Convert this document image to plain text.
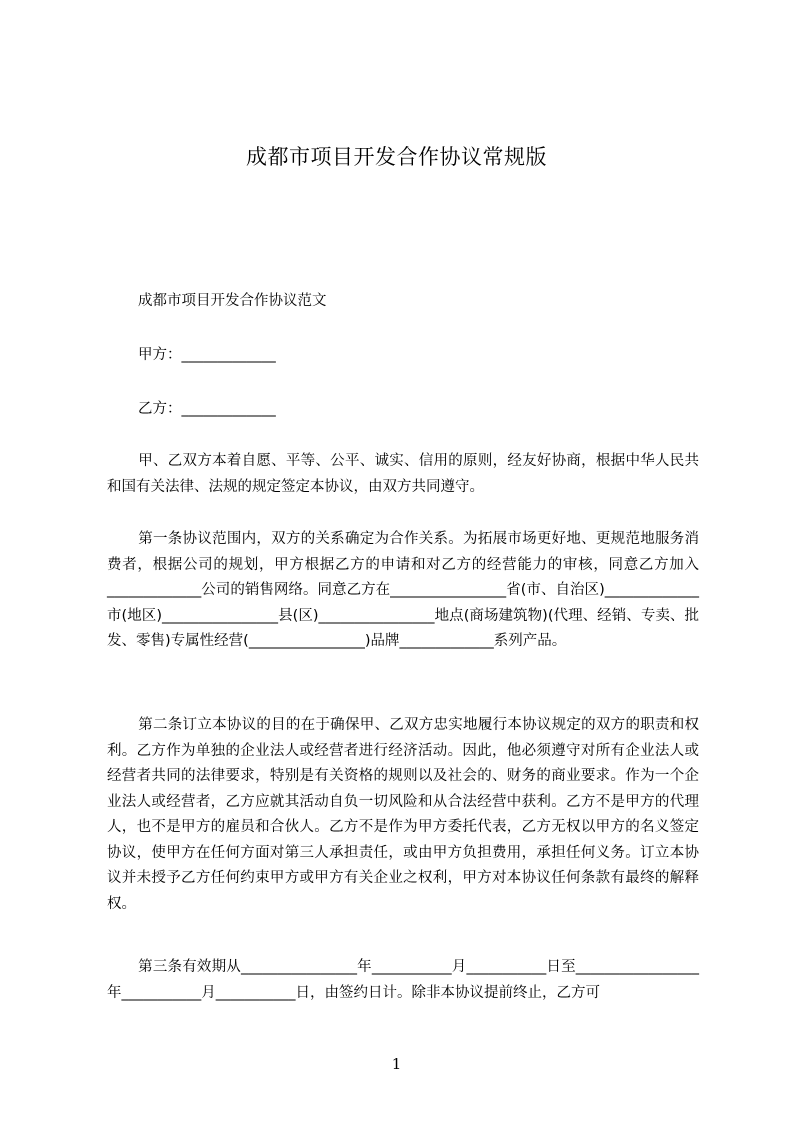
成都市项目开发合作协议常规版
成都市项目开发合作协议范文
甲方：_____________
乙方：_____________

甲、乙双方本着自愿、平等、公平、诚实、信用的原则，经友好协商，根据中华人民共和国有关法律、法规的规定签定本协议，由双方共同遵守。

第一条协议范围内，双方的关系确定为合作关系。为拓展市场更好地、更规范地服务消费者，根据公司的规划，甲方根据乙方的申请和对乙方的经营能力的审核，同意乙方加入_____________公司的销售网络。同意乙方在________________省(市、自治区)_____________市(地区)________________县(区)________________地点(商场建筑物)(代理、经销、专卖、批发、零售)专属性经营(________________)品牌_____________系列产品。

第二条订立本协议的目的在于确保甲、乙双方忠实地履行本协议规定的双方的职责和权利。乙方作为单独的企业法人或经营者进行经济活动。因此，他必须遵守对所有企业法人或经营者共同的法律要求，特别是有关资格的规则以及社会的、财务的商业要求。作为一个企业法人或经营者，乙方应就其活动自负一切风险和从合法经营中获利。乙方不是甲方的代理人，也不是甲方的雇员和合伙人。乙方不是作为甲方委托代表，乙方无权以甲方的名义签定协议，使甲方在任何方面对第三人承担责任，或由甲方负担费用，承担任何义务。订立本协议并未授予乙方任何约束甲方或甲方有关企业之权利，甲方对本协议任何条款有最终的解释权。

第三条有效期从________________年___________月___________日至_________________年___________月___________日，由签约日计。除非本协议提前终止，乙方可

1
